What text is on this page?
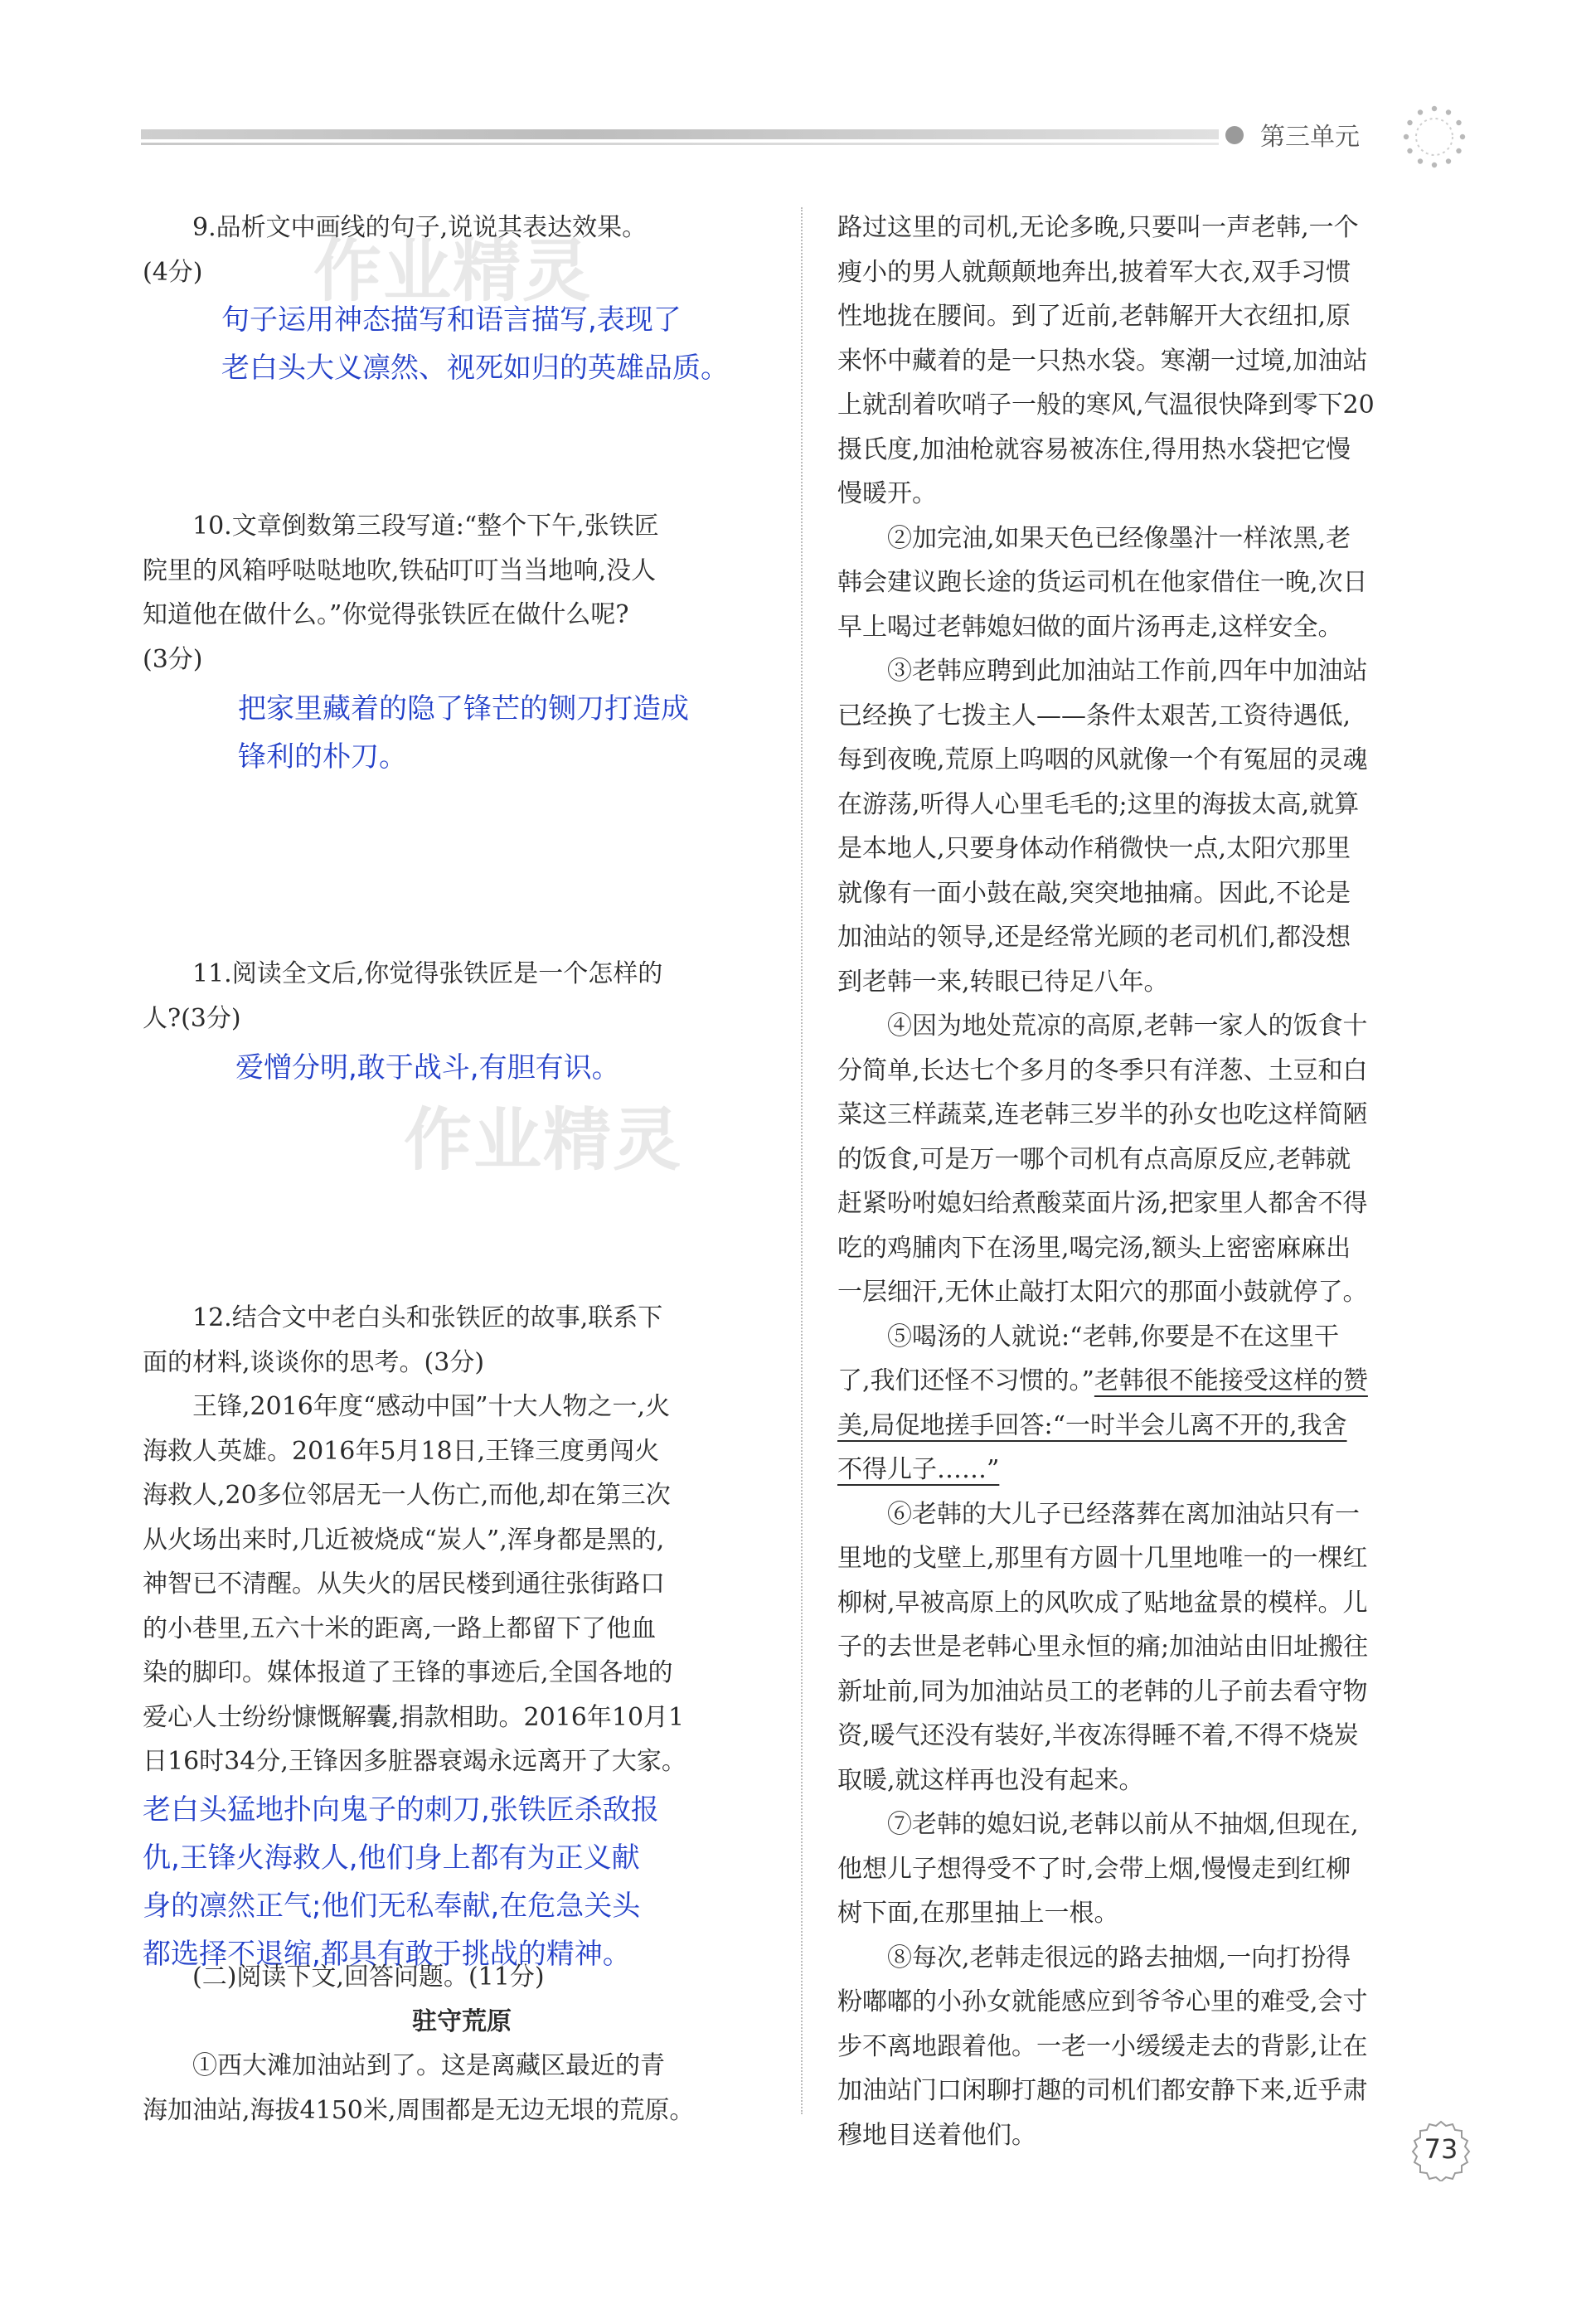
第三单元
作业精灵
作业精灵

9.品析文中画线的句子,说说其表达效果。

(4分)

句子运用神态描写和语言描写,表现了

老白头大义凛然、视死如归的英雄品质。

10.文章倒数第三段写道:“整个下午,张铁匠

院里的风箱呼哒哒地吹,铁砧叮叮当当地响,没人

知道他在做什么。”你觉得张铁匠在做什么呢?

(3分)

把家里藏着的隐了锋芒的铡刀打造成

锋利的朴刀。

11.阅读全文后,你觉得张铁匠是一个怎样的

人?(3分)

爱憎分明,敢于战斗,有胆有识。

12.结合文中老白头和张铁匠的故事,联系下

面的材料,谈谈你的思考。(3分)

王锋,2016年度“感动中国”十大人物之一,火

海救人英雄。2016年5月18日,王锋三度勇闯火

海救人,20多位邻居无一人伤亡,而他,却在第三次

从火场出来时,几近被烧成“炭人”,浑身都是黑的,

神智已不清醒。从失火的居民楼到通往张街路口

的小巷里,五六十米的距离,一路上都留下了他血

染的脚印。媒体报道了王锋的事迹后,全国各地的

爱心人士纷纷慷慨解囊,捐款相助。2016年10月1

日16时34分,王锋因多脏器衰竭永远离开了大家。

老白头猛地扑向鬼子的刺刀,张铁匠杀敌报

仇,王锋火海救人,他们身上都有为正义献

身的凛然正气;他们无私奉献,在危急关头

都选择不退缩,都具有敢于挑战的精神。

(二)阅读下文,回答问题。(11分)

驻守荒原

①西大滩加油站到了。这是离藏区最近的青

海加油站,海拔4150米,周围都是无边无垠的荒原。

路过这里的司机,无论多晚,只要叫一声老韩,一个

瘦小的男人就颠颠地奔出,披着军大衣,双手习惯

性地拢在腰间。到了近前,老韩解开大衣纽扣,原

来怀中藏着的是一只热水袋。寒潮一过境,加油站

上就刮着吹哨子一般的寒风,气温很快降到零下20

摄氏度,加油枪就容易被冻住,得用热水袋把它慢

慢暖开。

②加完油,如果天色已经像墨汁一样浓黑,老

韩会建议跑长途的货运司机在他家借住一晚,次日

早上喝过老韩媳妇做的面片汤再走,这样安全。

③老韩应聘到此加油站工作前,四年中加油站

已经换了七拨主人——条件太艰苦,工资待遇低,

每到夜晚,荒原上呜咽的风就像一个有冤屈的灵魂

在游荡,听得人心里毛毛的;这里的海拔太高,就算

是本地人,只要身体动作稍微快一点,太阳穴那里

就像有一面小鼓在敲,突突地抽痛。因此,不论是

加油站的领导,还是经常光顾的老司机们,都没想

到老韩一来,转眼已待足八年。

④因为地处荒凉的高原,老韩一家人的饭食十

分简单,长达七个多月的冬季只有洋葱、土豆和白

菜这三样蔬菜,连老韩三岁半的孙女也吃这样简陋

的饭食,可是万一哪个司机有点高原反应,老韩就

赶紧吩咐媳妇给煮酸菜面片汤,把家里人都舍不得

吃的鸡脯肉下在汤里,喝完汤,额头上密密麻麻出

一层细汗,无休止敲打太阳穴的那面小鼓就停了。

⑤喝汤的人就说:“老韩,你要是不在这里干

了,我们还怪不习惯的。”老韩很不能接受这样的赞

美,局促地搓手回答:“一时半会儿离不开的,我舍

不得儿子……”

⑥老韩的大儿子已经落葬在离加油站只有一

里地的戈壁上,那里有方圆十几里地唯一的一棵红

柳树,早被高原上的风吹成了贴地盆景的模样。儿

子的去世是老韩心里永恒的痛;加油站由旧址搬往

新址前,同为加油站员工的老韩的儿子前去看守物

资,暖气还没有装好,半夜冻得睡不着,不得不烧炭

取暖,就这样再也没有起来。

⑦老韩的媳妇说,老韩以前从不抽烟,但现在,

他想儿子想得受不了时,会带上烟,慢慢走到红柳

树下面,在那里抽上一根。

⑧每次,老韩走很远的路去抽烟,一向打扮得

粉嘟嘟的小孙女就能感应到爷爷心里的难受,会寸

步不离地跟着他。一老一小缓缓走去的背影,让在

加油站门口闲聊打趣的司机们都安静下来,近乎肃

穆地目送着他们。	73
